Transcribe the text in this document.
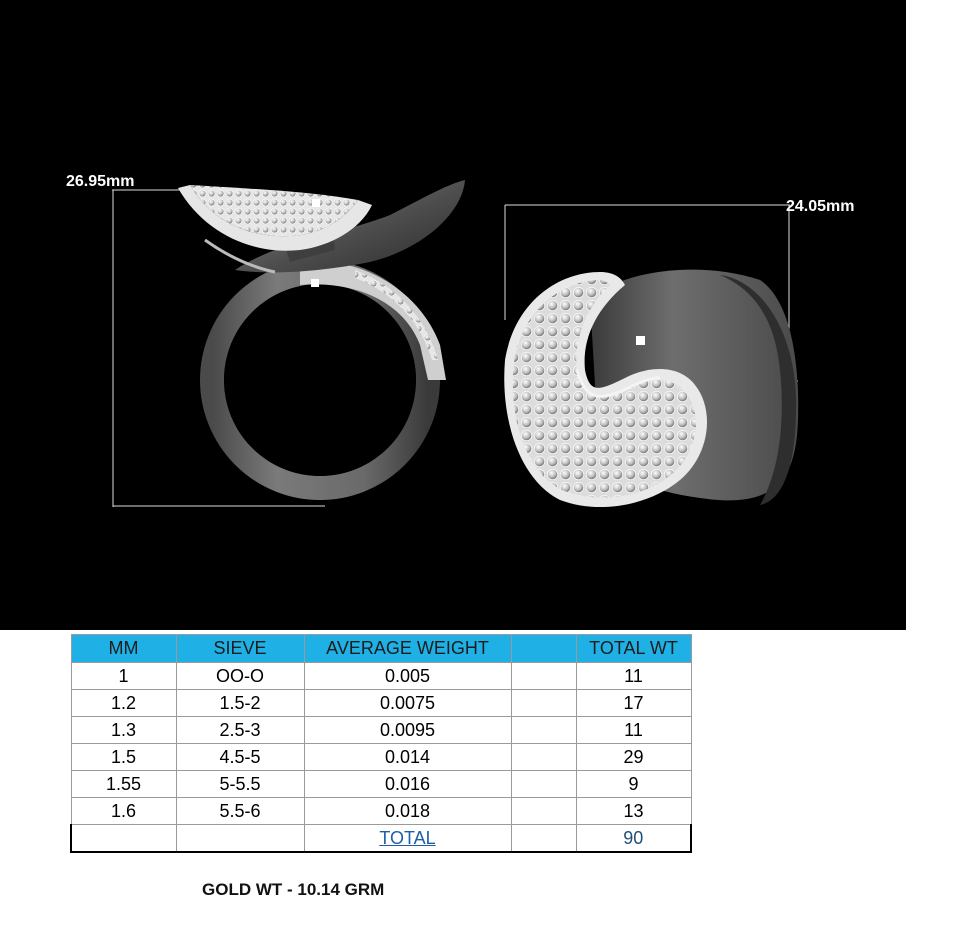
26.95mm
24.05mm
MM	SIEVE	AVERAGE WEIGHT		TOTAL WT
1	OO-O	0.005		11
1.2	1.5-2	0.0075		17
1.3	2.5-3	0.0095		11
1.5	4.5-5	0.014		29
1.55	5-5.5	0.016		9
1.6	5.5-6	0.018		13
		TOTAL		90
GOLD WT - 10.14 GRM
